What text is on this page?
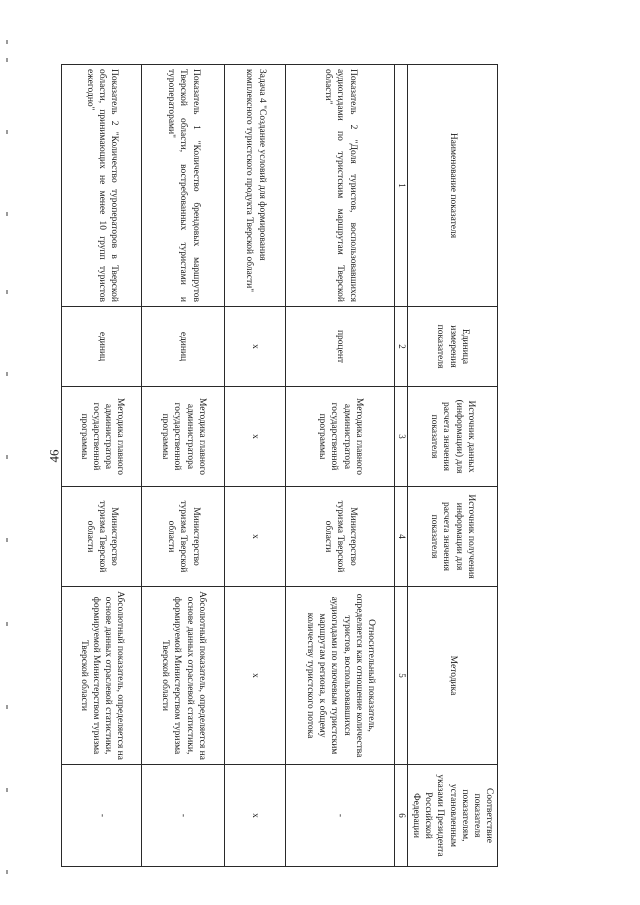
46
Наименование показателя	Единица измерения показателя	Источник данных (информации) для расчета значения показателя	Источник получения информации для расчета значения показателя	Методика	Соответствие показателя показателям, установленным указами Президента Российской Федерации
1	2	3	4	5	6
Показатель 2 "Доля туристов, воспользовавшихся аудиогидами по туристским маршрутам Тверской области"	процент	Методика главного администратора государственной программы	Министерство туризма Тверской области	Относительный показатель, определяется как отношение количества туристов, воспользовавшихся аудиогидами по ключевым туристским маршрутам региона, к общему количеству туристского потока	-
Задача 4 "Создание условий для формирования комплексного туристского продукта Тверской области"	х	х	х	х	х
Показатель 1 "Количество брендовых маршрутов Тверской области, востребованных туристами и туроператорами"	единиц	Методика главного администратора государственной программы	Министерство туризма Тверской области	Абсолютный показатель, определяется на основе данных отраслевой статистики, формируемой Министерством туризма Тверской области	-
Показатель 2 "Количество туроператоров в Тверской области, принимающих не менее 10 групп туристов ежегодно"	единиц	Методика главного администратора государственной программы	Министерство туризма Тверской области	Абсолютный показатель, определяется на основе данных отраслевой статистики, формируемой Министерством туризма Тверской области	-
